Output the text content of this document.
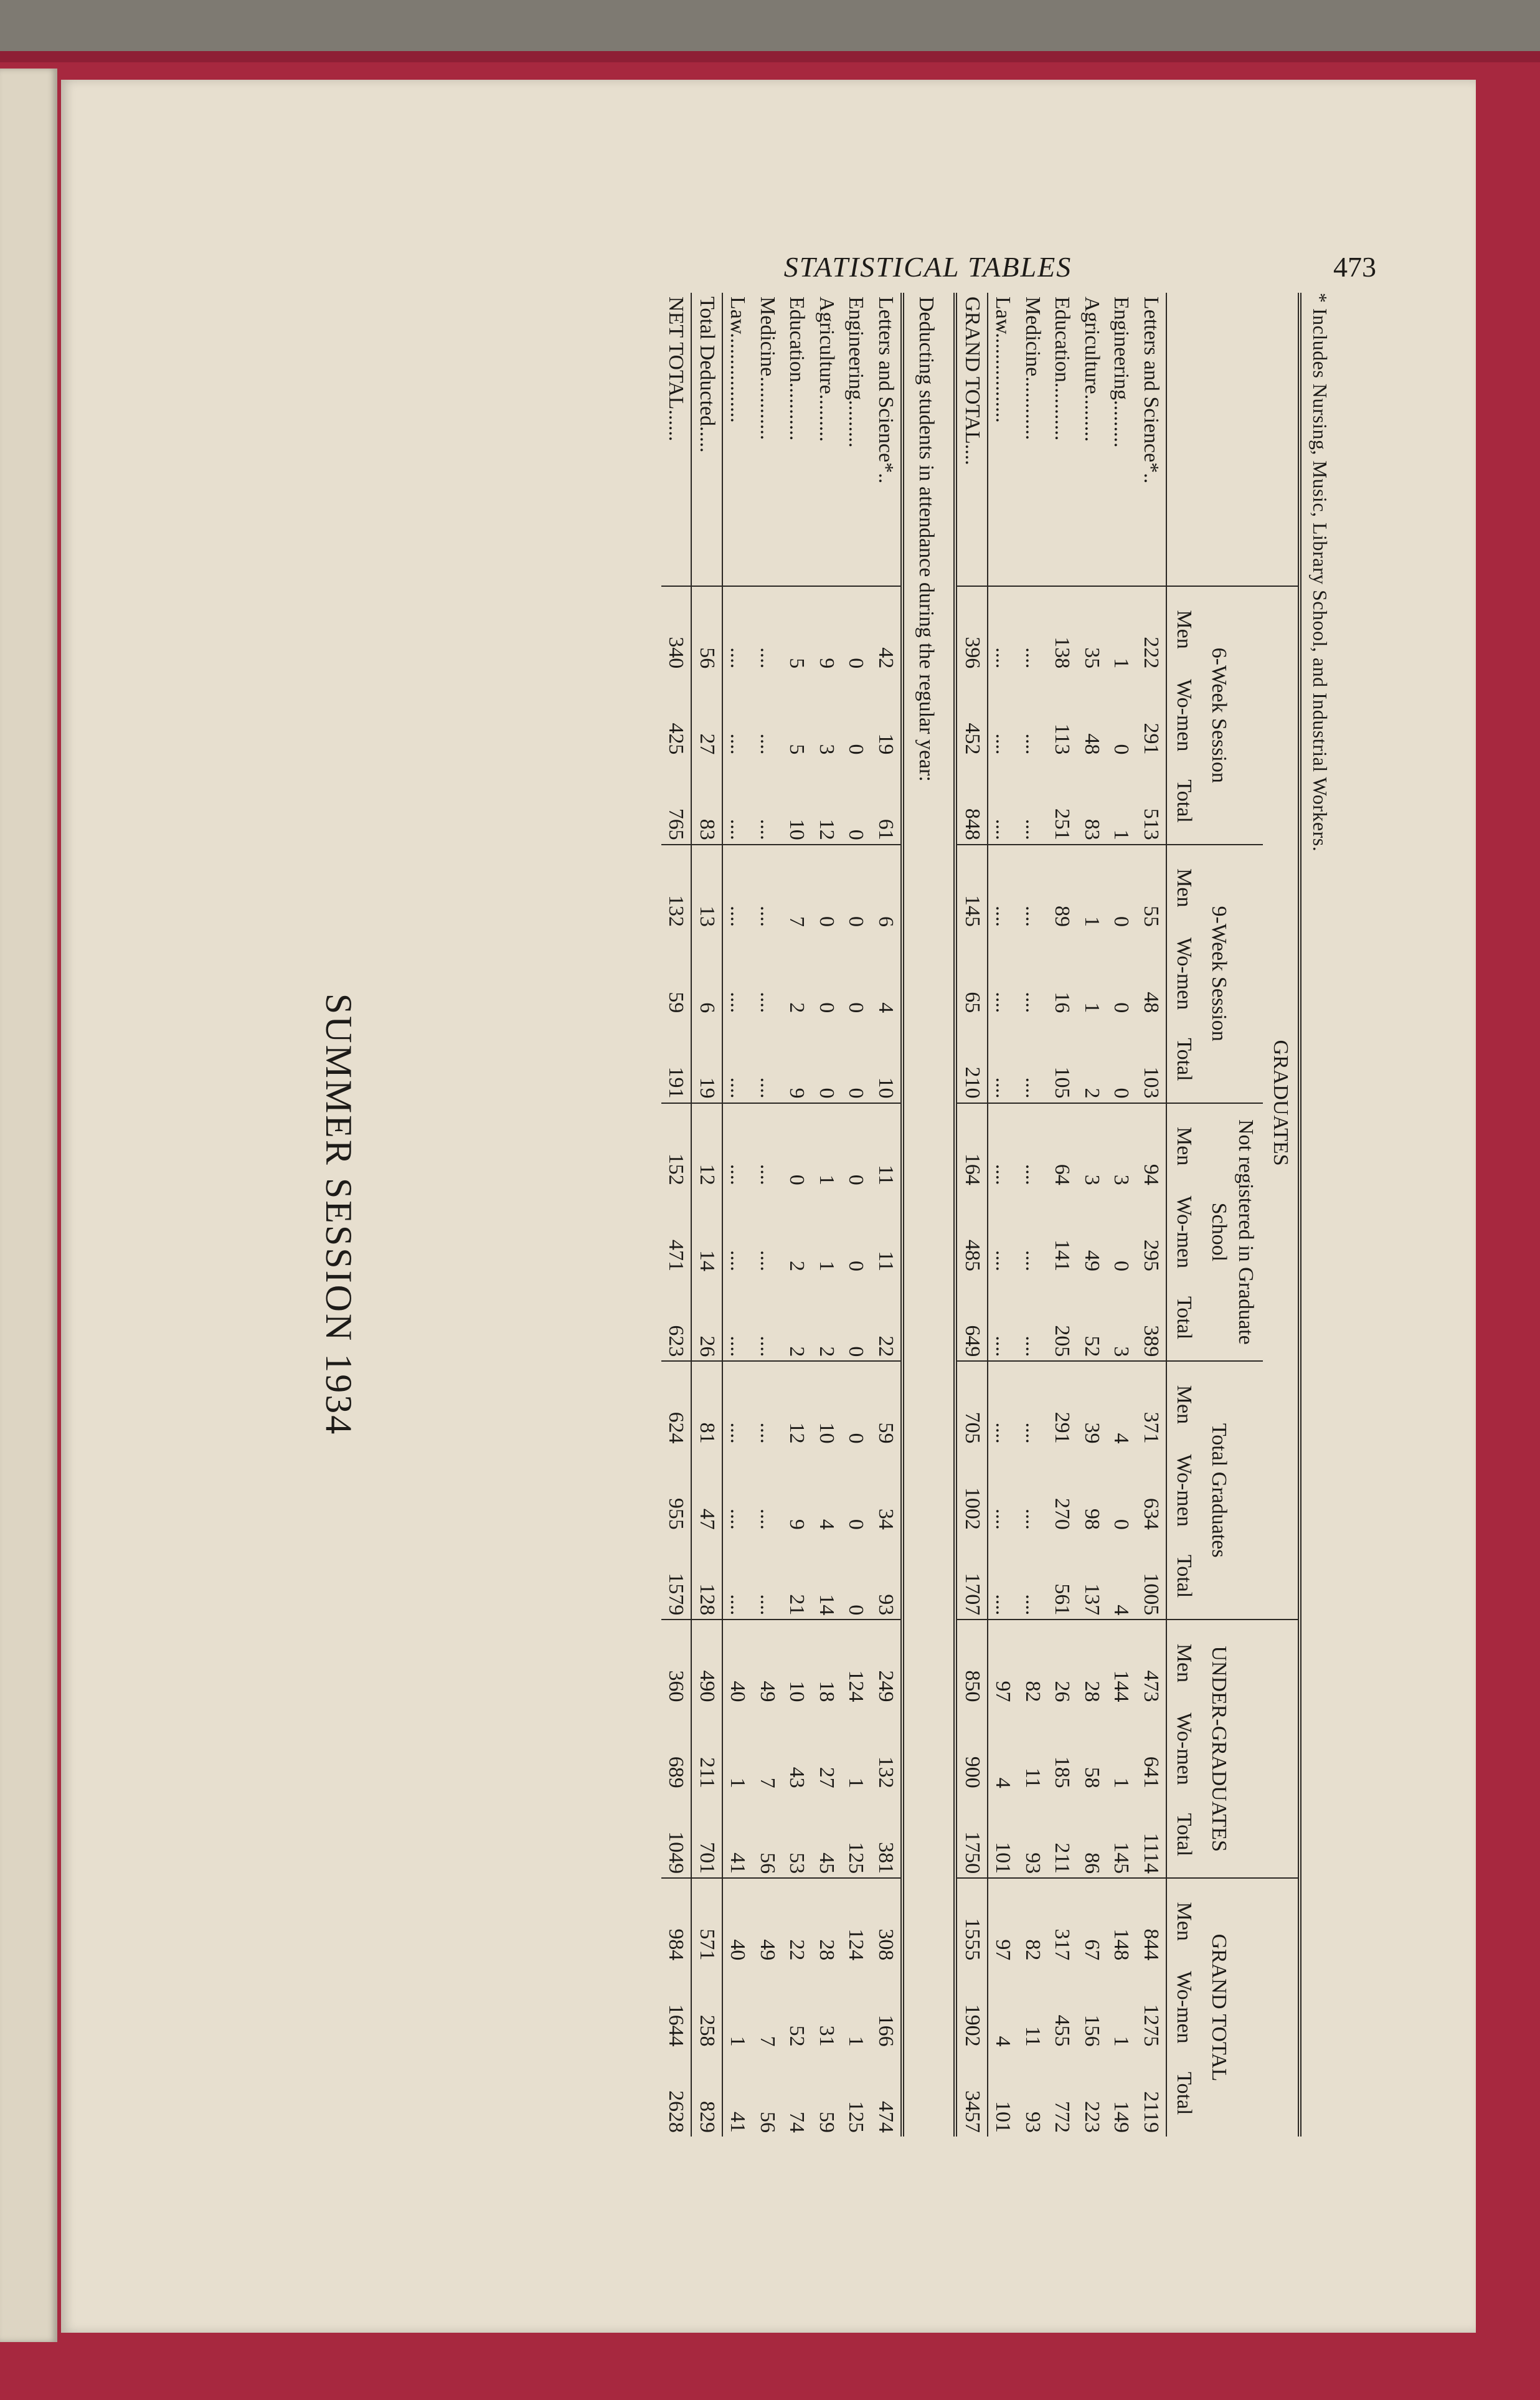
STATISTICAL TABLES	473
* Includes Nursing, Music, Library School, and Industrial Workers.
	GRADUATES												UNDER-GRADUATES			GRAND TOTAL		
	6-Week Session			9-Week Session			Not registered in Graduate School			Total Graduates								
	Men	Wo-men	Total	Men	Wo-men	Total	Men	Wo-men	Total	Men	Wo-men	Total	Men	Wo-men	Total	Men	Wo-men	Total
Letters and Science*..	222	291	513	55	48	103	94	295	389	371	634	1005	473	641	1114	844	1275	2119
Engineering.........	1	0	1	0	0	0	3	0	3	4	0	4	144	1	145	148	1	149
Agriculture.........	35	48	83	1	1	2	3	49	52	39	98	137	28	58	86	67	156	223
Education...........	138	113	251	89	16	105	64	141	205	291	270	561	26	185	211	317	455	772
Medicine............	....	....	....	....	....	....	....	....	....	....	....	....	82	11	93	82	11	93
Law.................	....	....	....	....	....	....	....	....	....	....	....	....	97	4	101	97	4	101
GRAND TOTAL....	396	452	848	145	65	210	164	485	649	705	1002	1707	850	900	1750	1555	1902	3457
Deducting students in attendance during the regular year:																		
Letters and Science*..	42	19	61	6	4	10	11	11	22	59	34	93	249	132	381	308	166	474
Engineering.........	0	0	0	0	0	0	0	0	0	0	0	0	124	1	125	124	1	125
Agriculture.........	9	3	12	0	0	0	1	1	2	10	4	14	18	27	45	28	31	59
Education...........	5	5	10	7	2	9	0	2	2	12	9	21	10	43	53	22	52	74
Medicine............	....	....	....	....	....	....	....	....	....	....	....	....	49	7	56	49	7	56
Law.................	....	....	....	....	....	....	....	....	....	....	....	....	40	1	41	40	1	41
Total Deducted.....	56	27	83	13	6	19	12	14	26	81	47	128	490	211	701	571	258	829
NET TOTAL......	340	425	765	132	59	191	152	471	623	624	955	1579	360	689	1049	984	1644	2628
SUMMER SESSION 1934
